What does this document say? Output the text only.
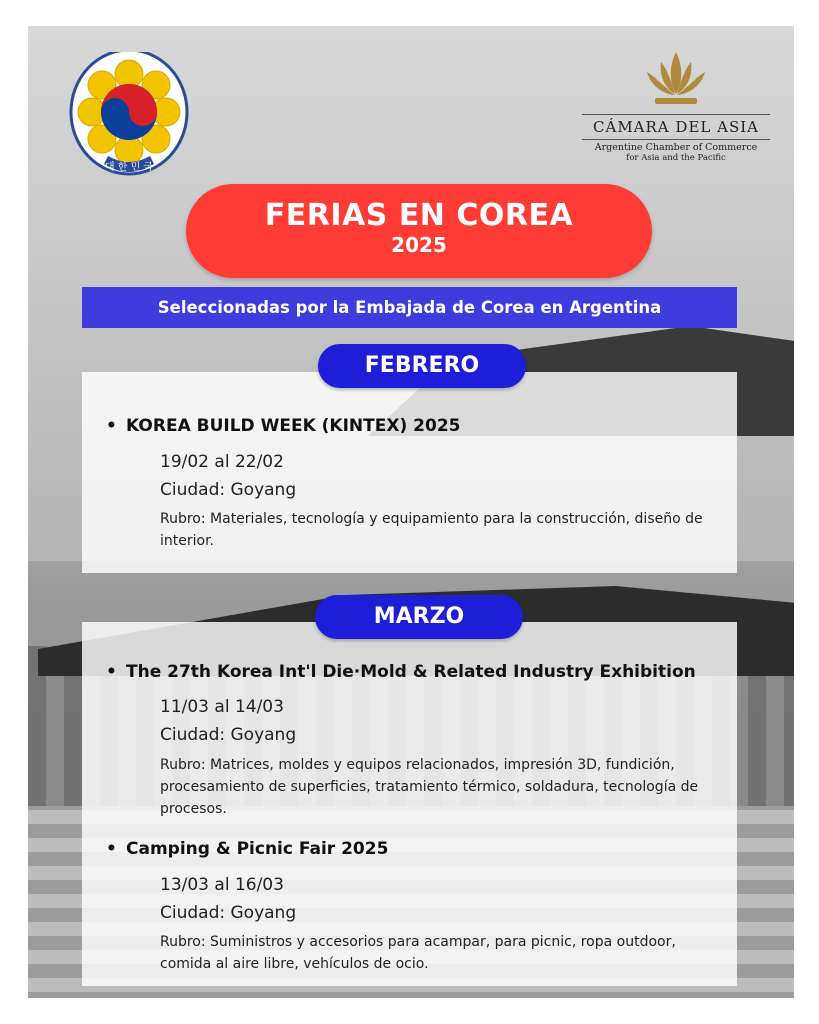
대 한 민 국
CÁMARA DEL ASIA
Argentine Chamber of Commerce
for Asia and the Pacific
FERIAS EN COREA
2025
Seleccionadas por la Embajada de Corea en Argentina
• KOREA BUILD WEEK (KINTEX) 2025
19/02 al 22/02
Ciudad: Goyang
Rubro: Materiales, tecnología y equipamiento para la construcción, diseño de interior.
FEBRERO
• The 27th Korea Int'l Die·Mold & Related Industry Exhibition
11/03 al 14/03
Ciudad: Goyang
Rubro: Matrices, moldes y equipos relacionados, impresión 3D, fundición, procesamiento de superficies, tratamiento térmico, soldadura, tecnología de procesos.
• Camping & Picnic Fair 2025
13/03 al 16/03
Ciudad: Goyang
Rubro: Suministros y accesorios para acampar, para picnic, ropa outdoor, comida al aire libre, vehículos de ocio.
MARZO
